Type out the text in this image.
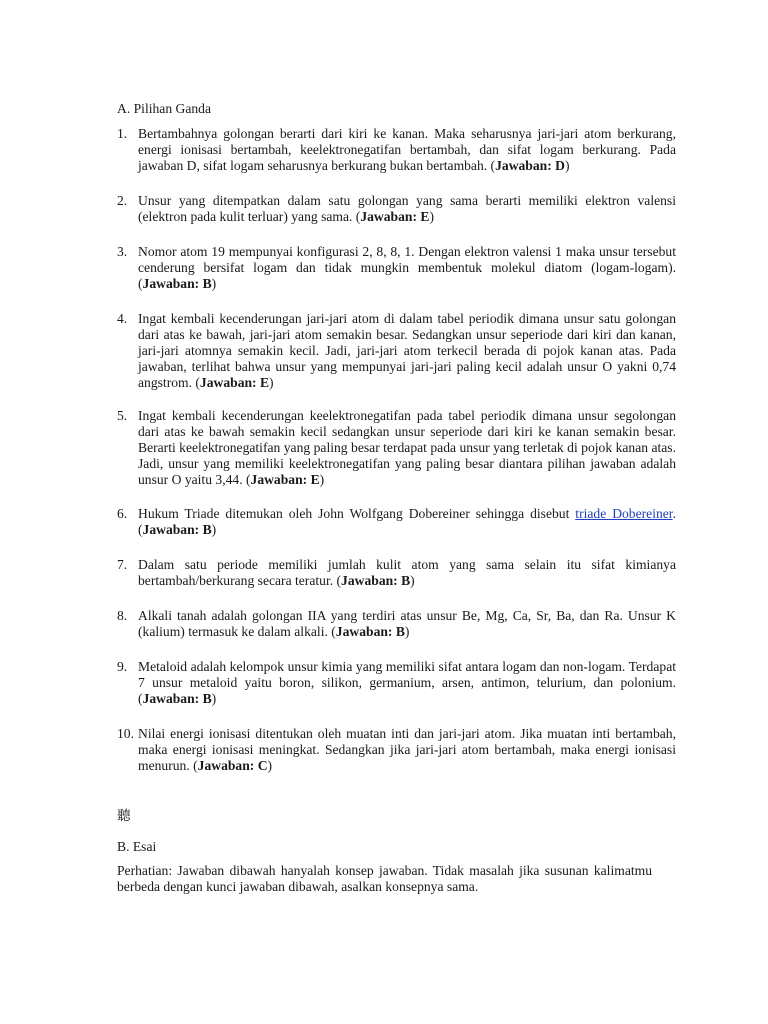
A. Pilihan Ganda
1. Bertambahnya golongan berarti dari kiri ke kanan. Maka seharusnya jari-jari atom berkurang, energi ionisasi bertambah, keelektronegatifan bertambah, dan sifat logam berkurang. Pada jawaban D, sifat logam seharusnya berkurang bukan bertambah. (Jawaban: D)
2. Unsur yang ditempatkan dalam satu golongan yang sama berarti memiliki elektron valensi (elektron pada kulit terluar) yang sama. (Jawaban: E)
3. Nomor atom 19 mempunyai konfigurasi 2, 8, 8, 1. Dengan elektron valensi 1 maka unsur tersebut cenderung bersifat logam dan tidak mungkin membentuk molekul diatom (logam-logam). (Jawaban: B)
4. Ingat kembali kecenderungan jari-jari atom di dalam tabel periodik dimana unsur satu golongan dari atas ke bawah, jari-jari atom semakin besar. Sedangkan unsur seperiode dari kiri dan kanan, jari-jari atomnya semakin kecil. Jadi, jari-jari atom terkecil berada di pojok kanan atas. Pada jawaban, terlihat bahwa unsur yang mempunyai jari-jari paling kecil adalah unsur O yakni 0,74 angstrom. (Jawaban: E)
5. Ingat kembali kecenderungan keelektronegatifan pada tabel periodik dimana unsur segolongan dari atas ke bawah semakin kecil sedangkan unsur seperiode dari kiri ke kanan semakin besar. Berarti keelektronegatifan yang paling besar terdapat pada unsur yang terletak di pojok kanan atas. Jadi, unsur yang memiliki keelektronegatifan yang paling besar diantara pilihan jawaban adalah unsur O yaitu 3,44. (Jawaban: E)
6. Hukum Triade ditemukan oleh John Wolfgang Dobereiner sehingga disebut triade Dobereiner. (Jawaban: B)
7. Dalam satu periode memiliki jumlah kulit atom yang sama selain itu sifat kimianya bertambah/berkurang secara teratur. (Jawaban: B)
8. Alkali tanah adalah golongan IIA yang terdiri atas unsur Be, Mg, Ca, Sr, Ba, dan Ra. Unsur K (kalium) termasuk ke dalam alkali. (Jawaban: B)
9. Metaloid adalah kelompok unsur kimia yang memiliki sifat antara logam dan non-logam. Terdapat 7 unsur metaloid yaitu boron, silikon, germanium, arsen, antimon, telurium, dan polonium. (Jawaban: B)
10. Nilai energi ionisasi ditentukan oleh muatan inti dan jari-jari atom. Jika muatan inti bertambah, maka energi ionisasi meningkat. Sedangkan jika jari-jari atom bertambah, maka energi ionisasi menurun. (Jawaban: C)
聽
B. Esai
Perhatian: Jawaban dibawah hanyalah konsep jawaban. Tidak masalah jika susunan kalimatmu berbeda dengan kunci jawaban dibawah, asalkan konsepnya sama.
